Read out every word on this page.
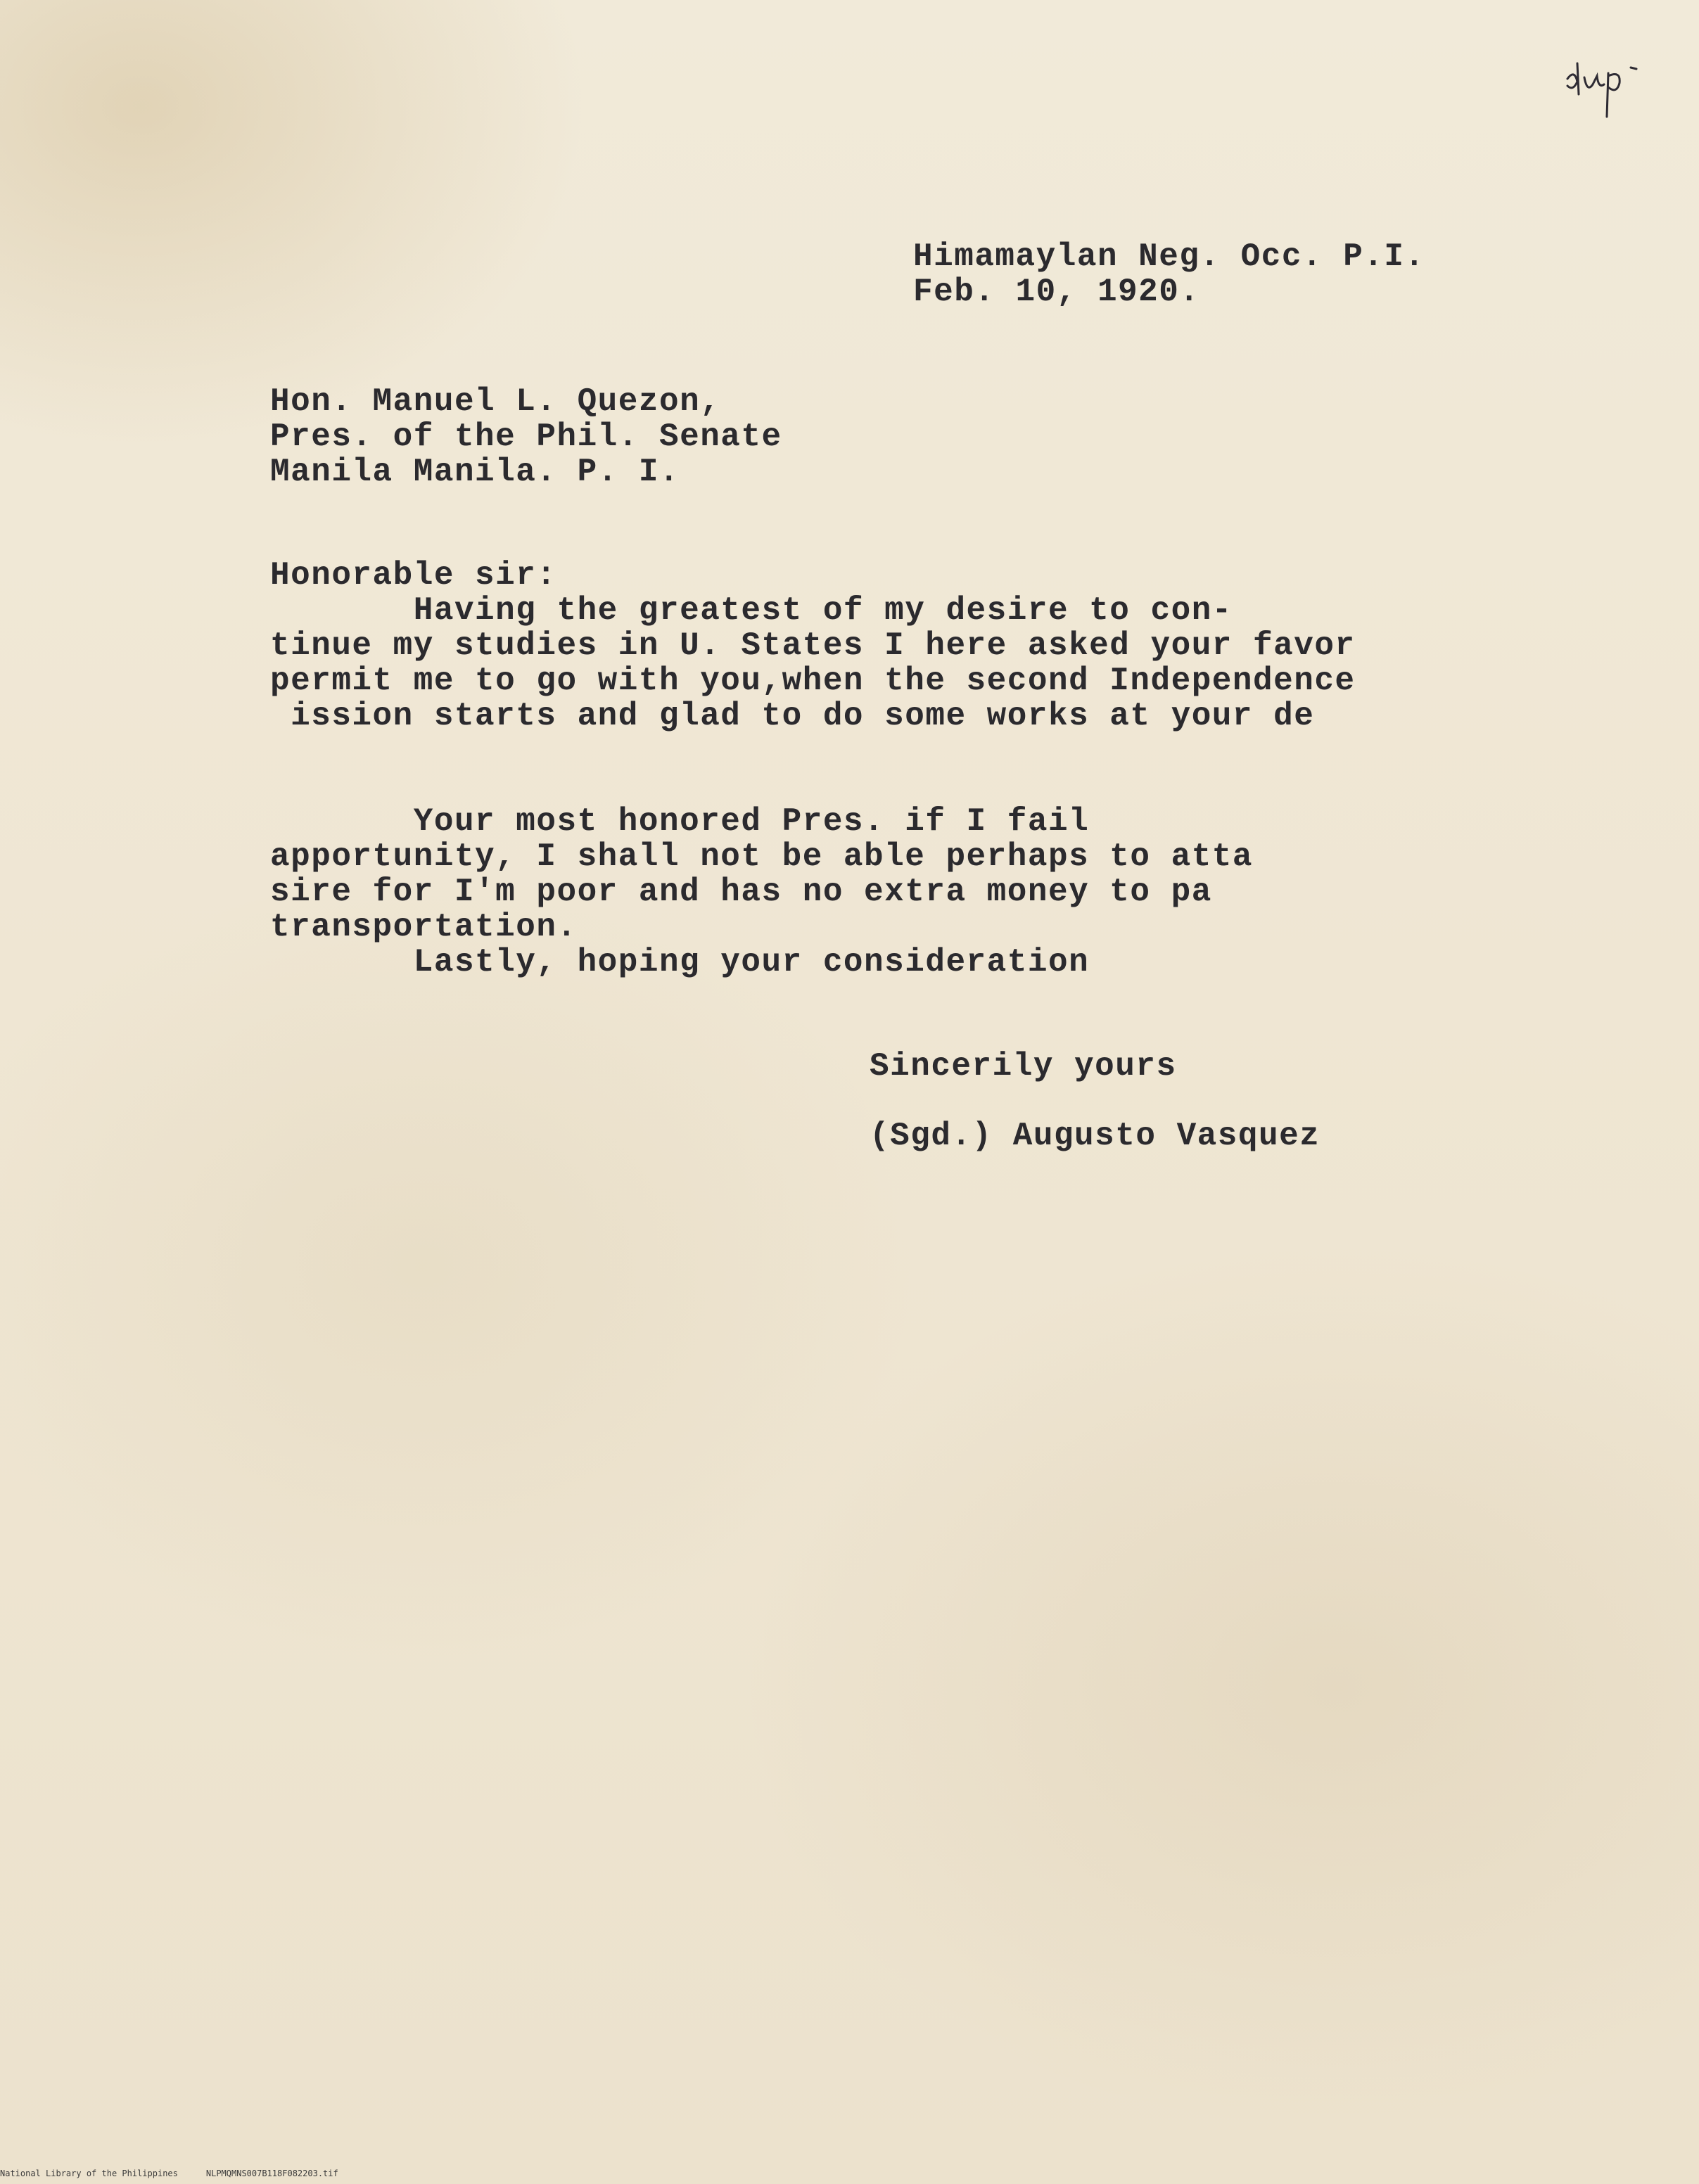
Himamaylan Neg. Occ. P.I.
Feb. 10, 1920.
Hon. Manuel L. Quezon,
Pres. of the Phil. Senate
Manila Manila. P. I.
Honorable sir:
Having the greatest of my desire to con-
tinue my studies in U. States I here asked your favor
permit me to go with you,when the second Independence
ission starts and glad to do some works at your de
Your most honored Pres. if I fail
apportunity, I shall not be able perhaps to atta
sire for I'm poor and has no extra money to pa
transportation.
Lastly, hoping your consideration
Sincerily yours
(Sgd.) Augusto Vasquez
National Library of the Philippines	NLPMQMNS007B118F082203.tif
